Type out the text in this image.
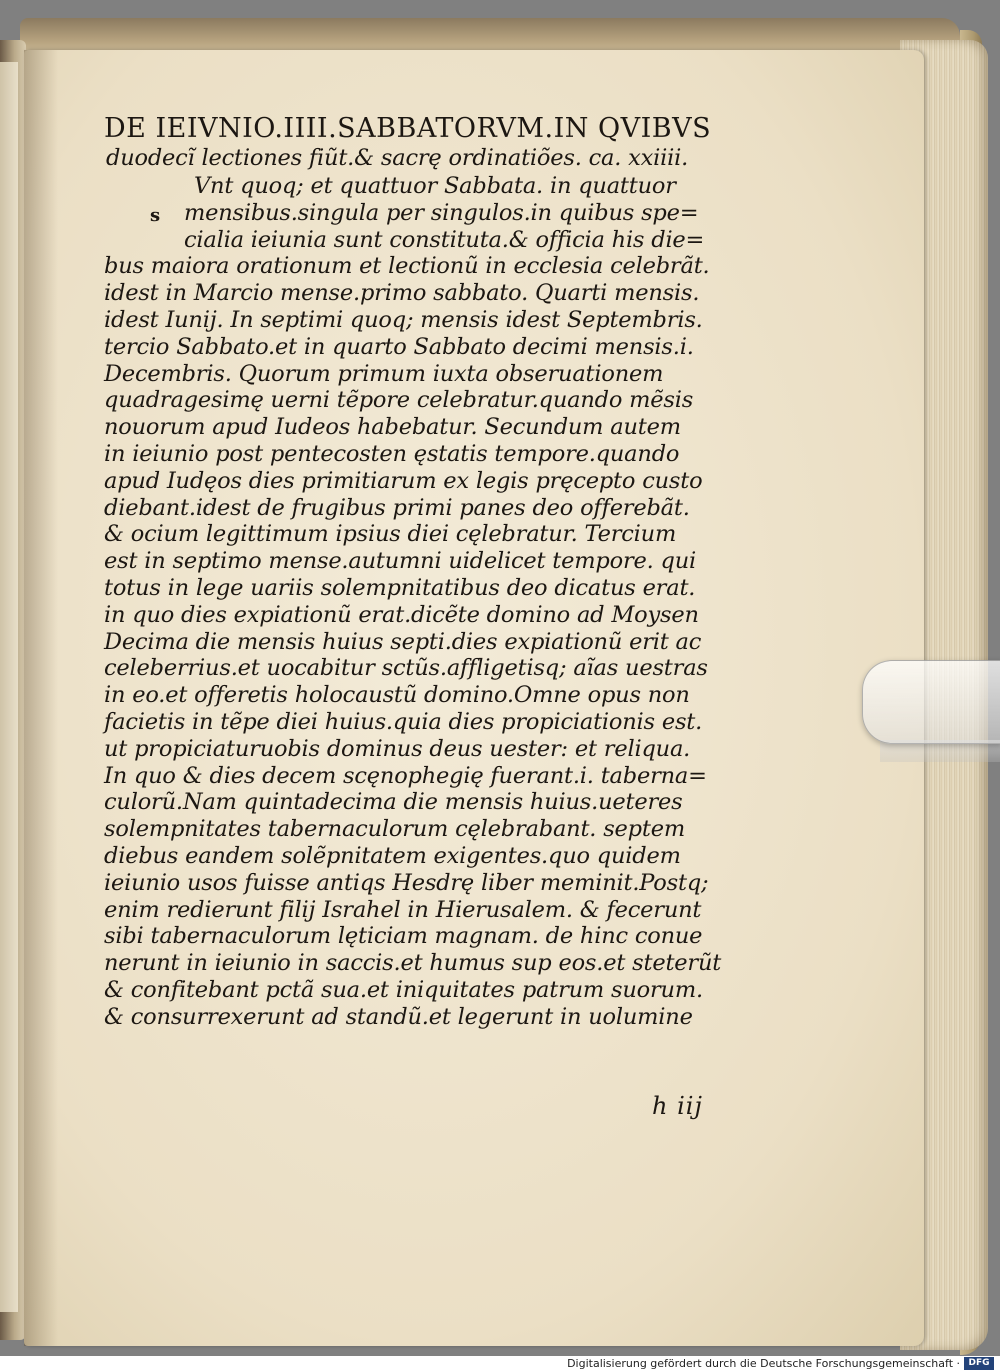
DE IEIVNIO.IIII.SABBATORVM.IN QVIBVS

duodecĩ lectiones fiũt.& sacrę ordinatiões. ca. xxiiii.

Vnt quoq; et quattuor Sabbata. in quattuor

mensibus.singula per singulos.in quibus spe=

cialia ieiunia sunt constituta.& officia his die=

bus maiora orationum et lectionũ in ecclesia celebrãt.

idest in Marcio mense.primo sabbato. Quarti mensis.

idest Iunij. In septimi quoq; mensis idest Septembris.

tercio Sabbato.et in quarto Sabbato decimi mensis.i.

Decembris. Quorum primum iuxta obseruationem

quadragesimę uerni tẽpore celebratur.quando mẽsis

nouorum apud Iudeos habebatur. Secundum autem

in ieiunio post pentecosten ęstatis tempore.quando

apud Iudęos dies primitiarum ex legis pręcepto custo

diebant.idest de frugibus primi panes deo offerebãt.

& ocium legittimum ipsius diei cęlebratur. Tercium

est in septimo mense.autumni uidelicet tempore. qui

totus in lege uariis solempnitatibus deo dicatus erat.

in quo dies expiationũ erat.dicẽte domino ad Moysen

Decima die mensis huius septi.dies expiationũ erit ac

celeberrius.et uocabitur sctũs.affligetisq; aĩas uestras

in eo.et offeretis holocaustũ domino.Omne opus non

facietis in tẽpe diei huius.quia dies propiciationis est.

ut propiciaturuobis dominus deus uester: et reliqua.

In quo & dies decem scęnophegię fuerant.i. taberna=

culorũ.Nam quintadecima die mensis huius.ueteres

solempnitates tabernaculorum cęlebrabant. septem

diebus eandem solẽpnitatem exigentes.quo quidem

ieiunio usos fuisse antiqs Hesdrę liber meminit.Postq;

enim redierunt filij Israhel in Hierusalem. & fecerunt

sibi tabernaculorum lęticiam magnam. de hinc conue

nerunt in ieiunio in saccis.et humus sup eos.et steterũt

& confitebant pctã sua.et iniquitates patrum suorum.

& consurrexerunt ad standũ.et legerunt in uolumine

s
h iij
Digitalisierung gefördert durch die Deutsche Forschungsgemeinschaft · DFG
